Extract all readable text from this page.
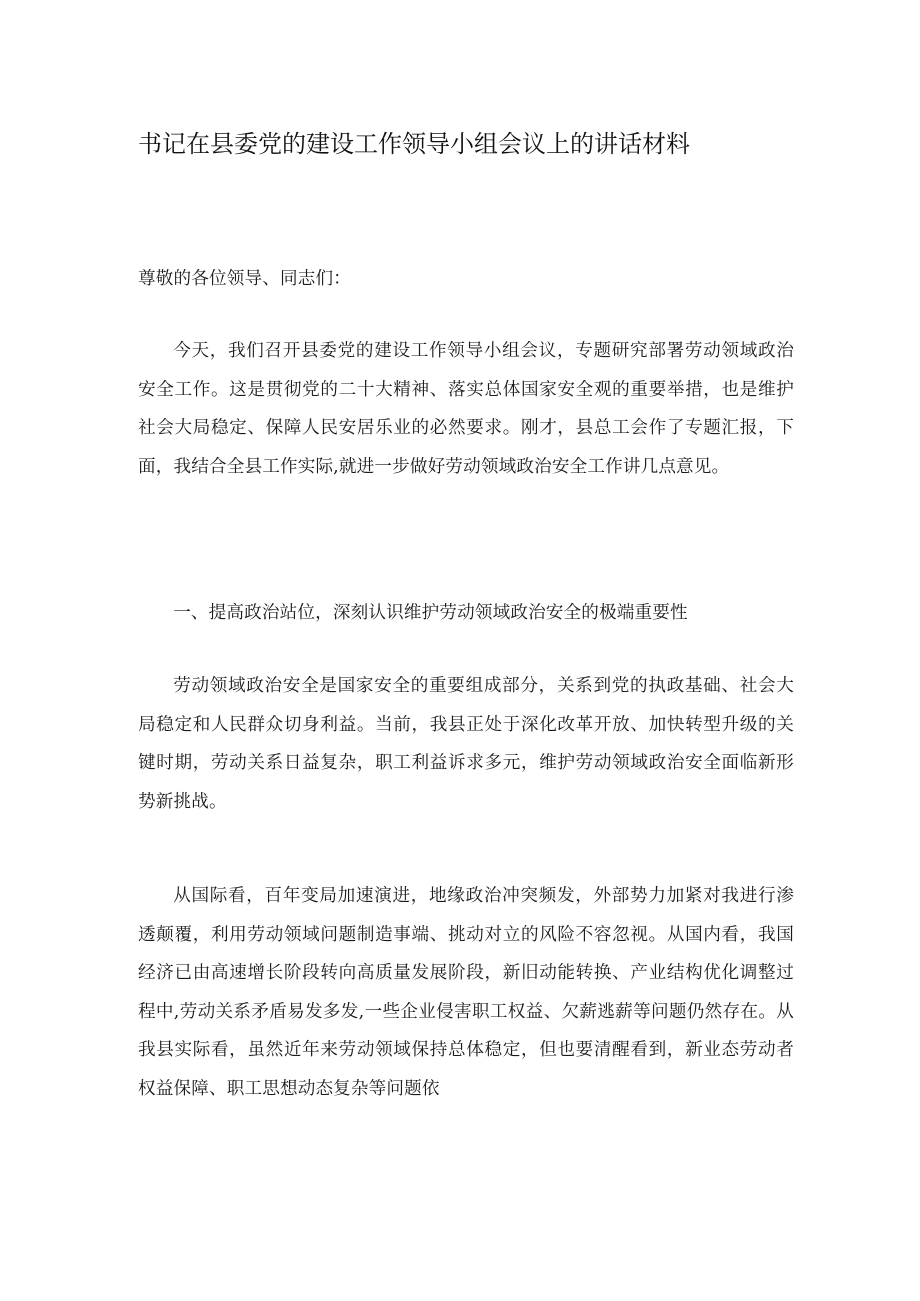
书记在县委党的建设工作领导小组会议上的讲话材料

尊敬的各位领导、同志们：

今天，我们召开县委党的建设工作领导小组会议，专题研究部署劳动领域政治安全工作。这是贯彻党的二十大精神、落实总体国家安全观的重要举措，也是维护社会大局稳定、保障人民安居乐业的必然要求。刚才，县总工会作了专题汇报，下面，我结合全县工作实际,就进一步做好劳动领域政治安全工作讲几点意见。

一、提高政治站位，深刻认识维护劳动领域政治安全的极端重要性

劳动领域政治安全是国家安全的重要组成部分，关系到党的执政基础、社会大局稳定和人民群众切身利益。当前，我县正处于深化改革开放、加快转型升级的关键时期，劳动关系日益复杂，职工利益诉求多元，维护劳动领域政治安全面临新形势新挑战。

从国际看，百年变局加速演进，地缘政治冲突频发，外部势力加紧对我进行渗透颠覆，利用劳动领域问题制造事端、挑动对立的风险不容忽视。从国内看，我国经济已由高速增长阶段转向高质量发展阶段，新旧动能转换、产业结构优化调整过程中,劳动关系矛盾易发多发,一些企业侵害职工权益、欠薪逃薪等问题仍然存在。从我县实际看，虽然近年来劳动领域保持总体稳定，但也要清醒看到，新业态劳动者权益保障、职工思想动态复杂等问题依
